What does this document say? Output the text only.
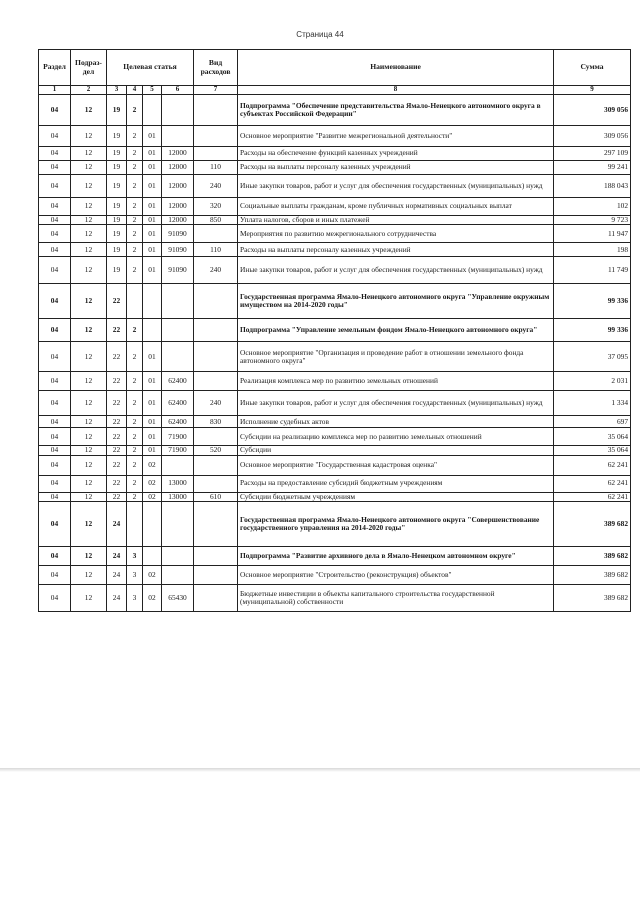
Страница 44
Раздел	Подраз-дел	Целевая статья				Вид расходов	Наименование	Сумма
1	2	3	4	5	6	7	8	9
04	12	19	2				Подпрограмма "Обеспечение представительства Ямало-Ненецкого автономного округа в субъектах Российской Федерации"	309 056
04	12	19	2	01			Основное мероприятие "Развитие межрегиональной деятельности"	309 056
04	12	19	2	01	12000		Расходы на обеспечение функций казенных учреждений	297 109
04	12	19	2	01	12000	110	Расходы на выплаты персоналу казенных учреждений	99 241
04	12	19	2	01	12000	240	Иные закупки товаров, работ и услуг для обеспечения государственных (муниципальных) нужд	188 043
04	12	19	2	01	12000	320	Социальные выплаты гражданам, кроме публичных нормативных социальных выплат	102
04	12	19	2	01	12000	850	Уплата налогов, сборов и иных платежей	9 723
04	12	19	2	01	91090		Мероприятия по развитию межрегионального сотрудничества	11 947
04	12	19	2	01	91090	110	Расходы на выплаты персоналу казенных учреждений	198
04	12	19	2	01	91090	240	Иные закупки товаров, работ и услуг для обеспечения государственных (муниципальных) нужд	11 749
04	12	22					Государственная программа Ямало-Ненецкого автономного округа "Управление окружным имуществом на 2014-2020 годы"	99 336
04	12	22	2				Подпрограмма "Управление земельным фондом Ямало-Ненецкого автономного округа"	99 336
04	12	22	2	01			Основное мероприятие "Организация и проведение работ в отношении земельного фонда автономного округа"	37 095
04	12	22	2	01	62400		Реализация комплекса мер по развитию земельных отношений	2 031
04	12	22	2	01	62400	240	Иные закупки товаров, работ и услуг для обеспечения государственных (муниципальных) нужд	1 334
04	12	22	2	01	62400	830	Исполнение судебных актов	697
04	12	22	2	01	71900		Субсидии на реализацию комплекса мер по развитию земельных отношений	35 064
04	12	22	2	01	71900	520	Субсидии	35 064
04	12	22	2	02			Основное мероприятие "Государственная кадастровая оценка"	62 241
04	12	22	2	02	13000		Расходы на предоставление субсидий бюджетным учреждениям	62 241
04	12	22	2	02	13000	610	Субсидии бюджетным учреждениям	62 241
04	12	24					Государственная программа Ямало-Ненецкого автономного округа "Совершенствование государственного управления на 2014-2020 годы"	389 682
04	12	24	3				Подпрограмма "Развитие архивного дела в Ямало-Ненецком автономном округе"	389 682
04	12	24	3	02			Основное мероприятие "Строительство (реконструкция) объектов"	389 682
04	12	24	3	02	65430		Бюджетные инвестиции в объекты капитального строительства государственной (муниципальной) собственности	389 682
